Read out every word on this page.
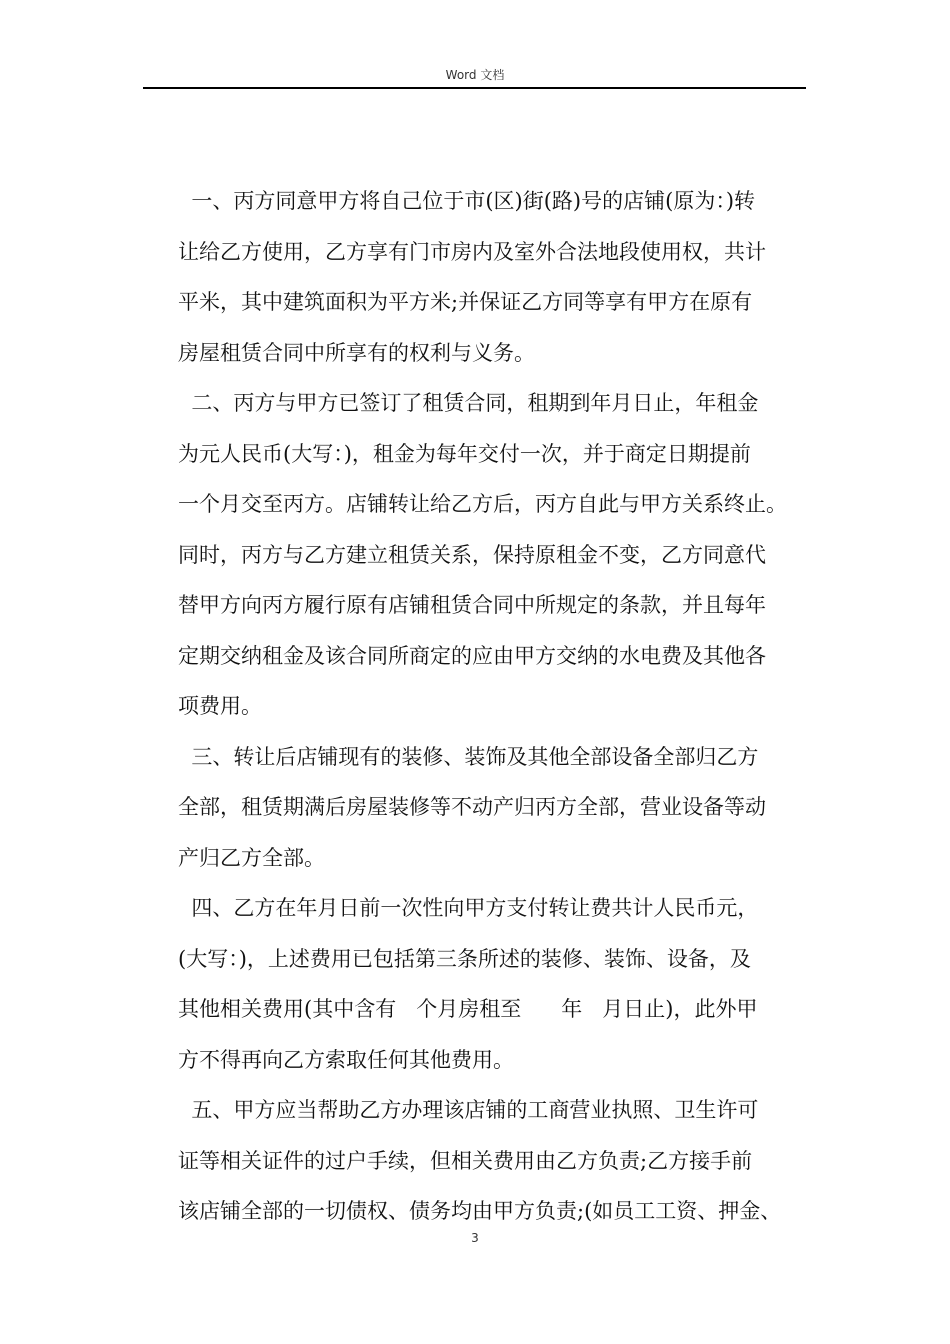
Word 文档
一、丙方同意甲方将自己位于市(区)街(路)号的店铺(原为：)转
让给乙方使用，乙方享有门市房内及室外合法地段使用权，共计
平米，其中建筑面积为平方米;并保证乙方同等享有甲方在原有
房屋租赁合同中所享有的权利与义务。
二、丙方与甲方已签订了租赁合同，租期到年月日止，年租金
为元人民币(大写：)，租金为每年交付一次，并于商定日期提前
一个月交至丙方。店铺转让给乙方后，丙方自此与甲方关系终止。
同时，丙方与乙方建立租赁关系，保持原租金不变，乙方同意代
替甲方向丙方履行原有店铺租赁合同中所规定的条款，并且每年
定期交纳租金及该合同所商定的应由甲方交纳的水电费及其他各
项费用。
三、转让后店铺现有的装修、装饰及其他全部设备全部归乙方
全部，租赁期满后房屋装修等不动产归丙方全部，营业设备等动
产归乙方全部。
四、乙方在年月日前一次性向甲方支付转让费共计人民币元，
(大写：)，上述费用已包括第三条所述的装修、装饰、设备，及
其他相关费用(其中含有   个月房租至      年   月日止)，此外甲
方不得再向乙方索取任何其他费用。
五、甲方应当帮助乙方办理该店铺的工商营业执照、卫生许可
证等相关证件的过户手续，但相关费用由乙方负责;乙方接手前
该店铺全部的一切债权、债务均由甲方负责;(如员工工资、押金、
3
